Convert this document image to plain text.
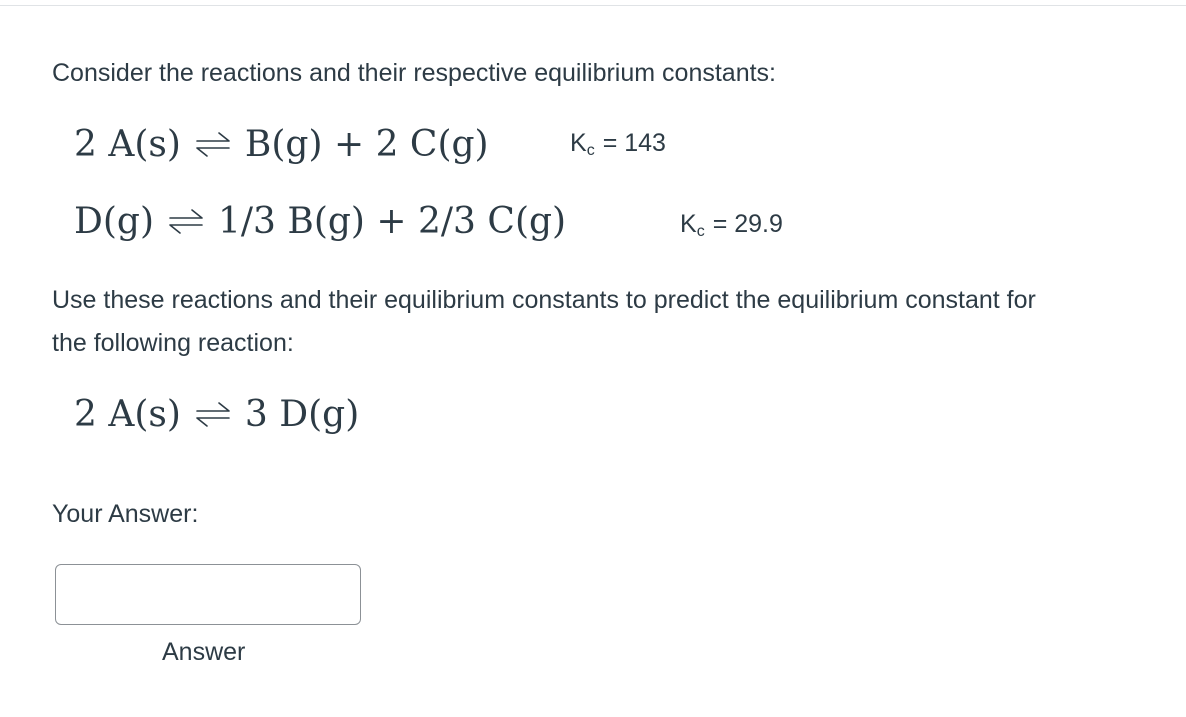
Consider the reactions and their respective equilibrium constants:
2 A(s) B(g) + 2 C(g)	$K_c = 143$
D(g) 1/3 B(g) + 2/3 C(g)	$K_c = 29.9$
Use these reactions and their equilibrium constants to predict the equilibrium constant for the following reaction:
2 A(s) 3 D(g)
Your Answer:
Answer
